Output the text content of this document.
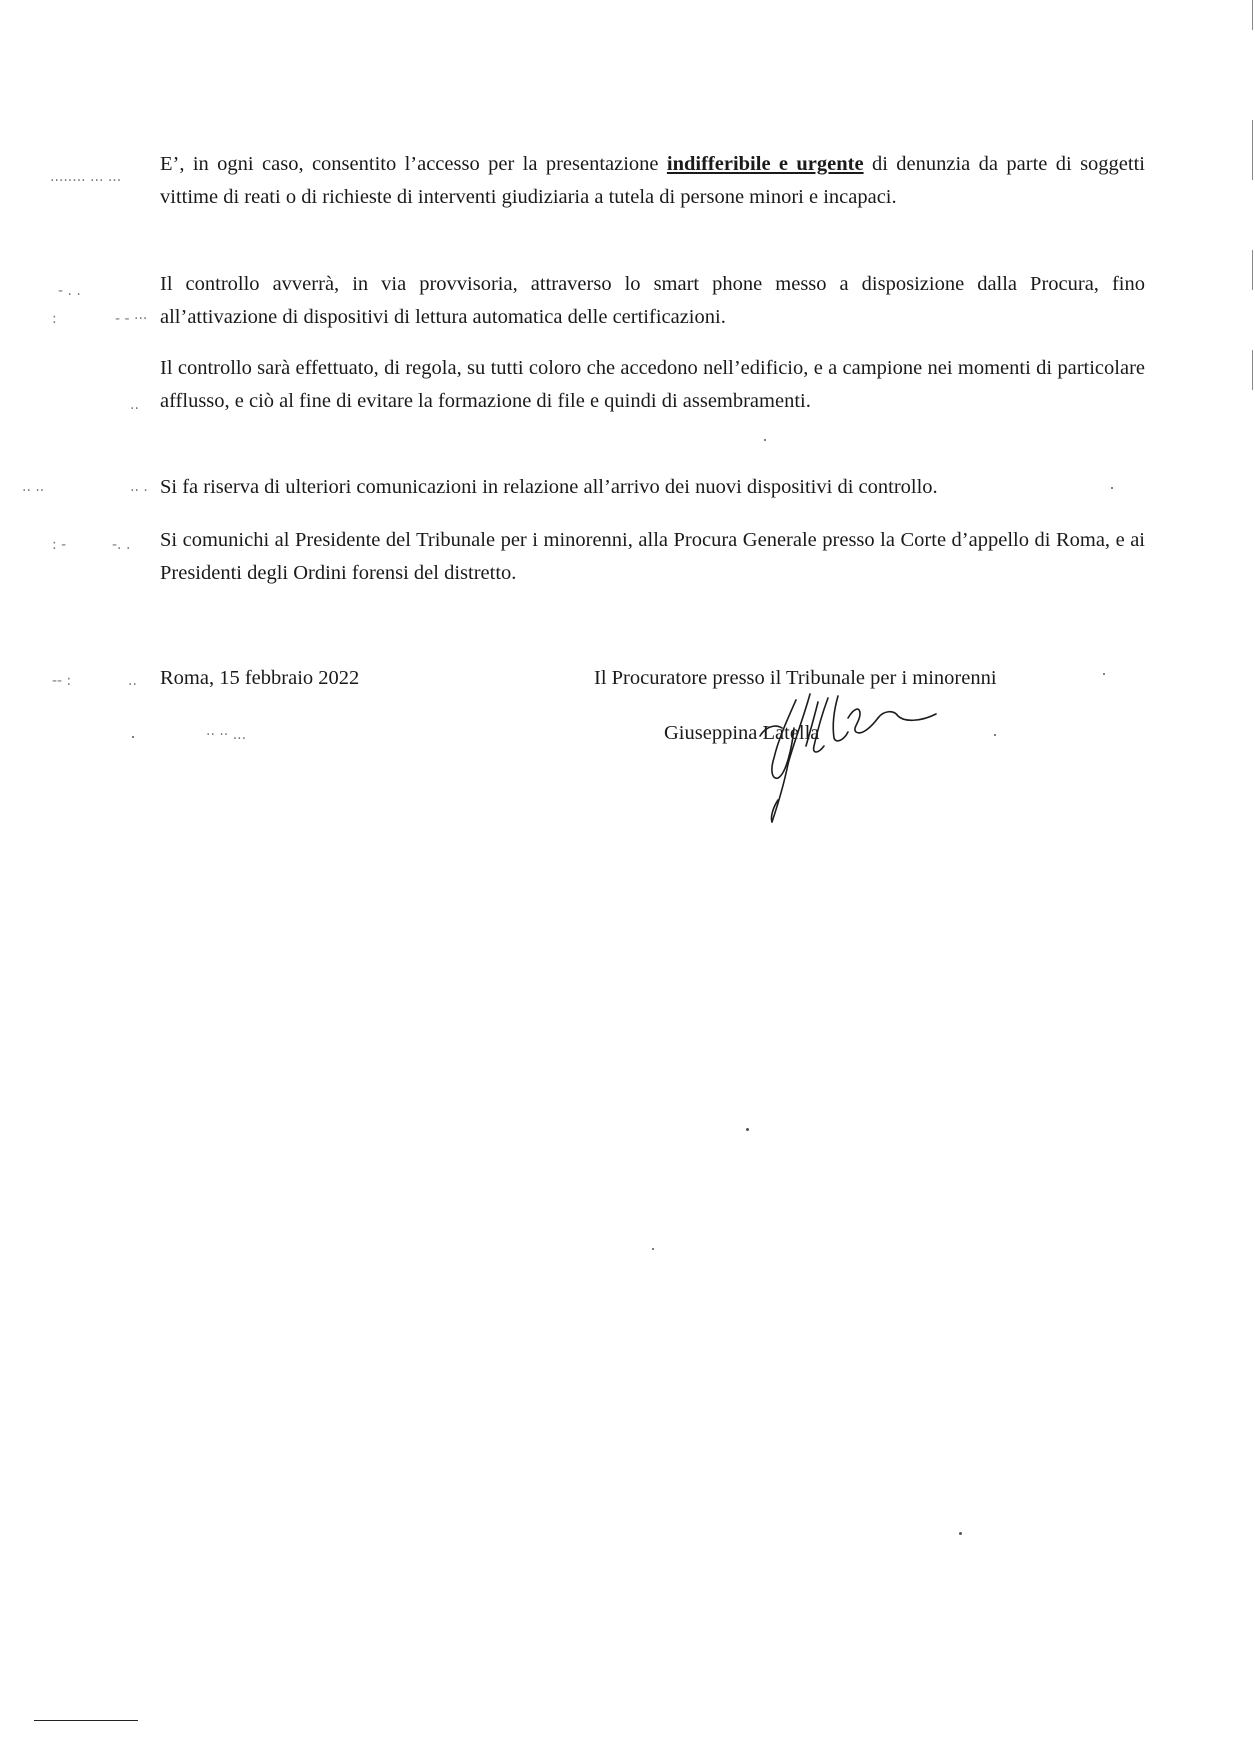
........ ... ...
- . .
:	- - ···
..
·· ··	·· ·
: -	-. .
-- :	..
·· ·· ...

E’, in ogni caso, consentito l’accesso per la presentazione indifferibile e urgente di denunzia da parte di soggetti vittime di reati o di richieste di interventi giudiziaria a tutela di persone minori e incapaci.

Il controllo avverrà, in via provvisoria, attraverso lo smart phone messo a disposizione dalla Procura, fino all’attivazione di dispositivi di lettura automatica delle certificazioni.

Il controllo sarà effettuato, di regola, su tutti coloro che accedono nell’edificio, e a campione nei momenti di particolare afflusso, e ciò al fine di evitare la formazione di file e quindi di assembramenti.

Si fa riserva di ulteriori comunicazioni in relazione all’arrivo dei nuovi dispositivi di controllo.

Si comunichi al Presidente del Tribunale per i minorenni, alla Procura Generale presso la Corte d’appello di Roma, e ai Presidenti degli Ordini forensi del distretto.

Roma, 15 febbraio 2022	Il Procuratore presso il Tribunale per i minorenni
Giuseppina Latella
